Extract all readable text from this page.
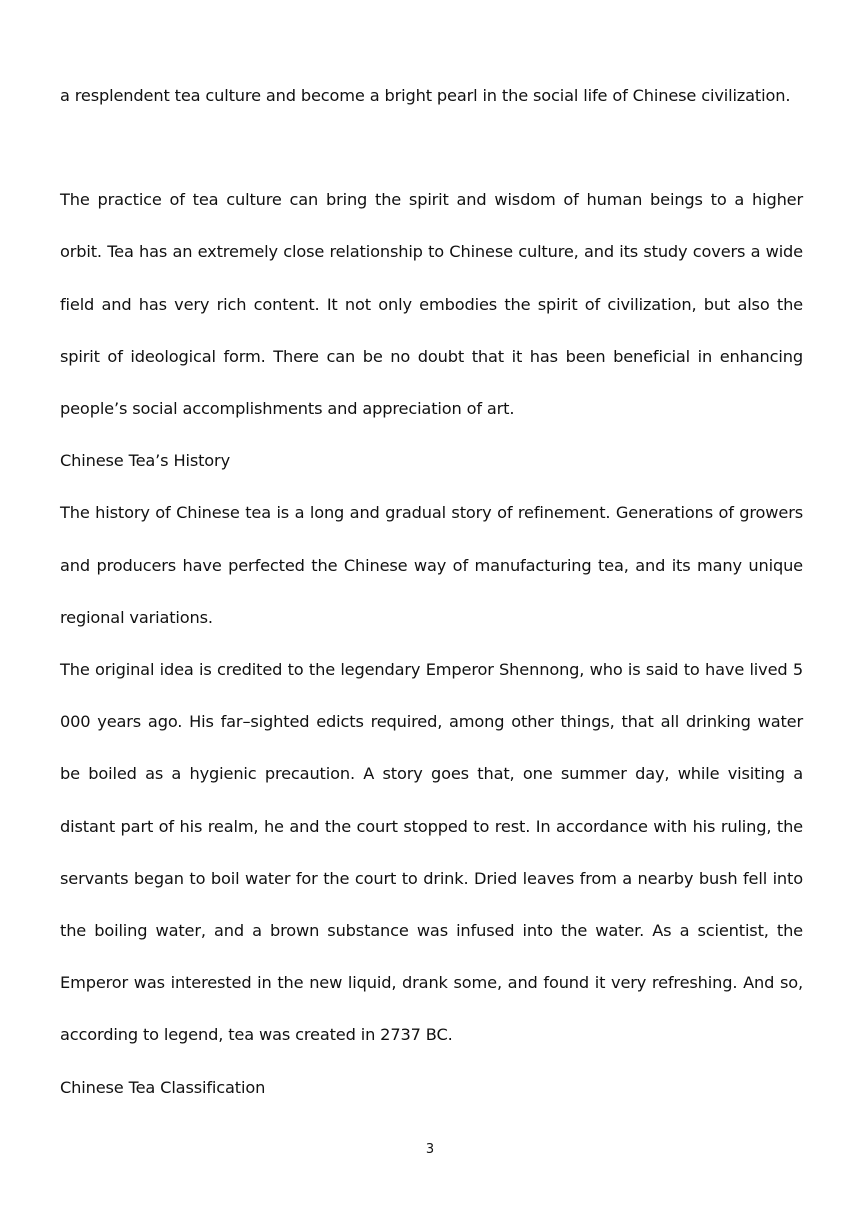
a resplendent tea culture and become a bright pearl in the social life of Chinese civilization.

The practice of tea culture can bring the spirit and wisdom of human beings to a higher orbit. Tea has an extremely close relationship to Chinese culture, and its study covers a wide field and has very rich content. It not only embodies the spirit of civilization, but also the spirit of ideological form. There can be no doubt that it has been beneficial in enhancing people’s social accomplishments and appreciation of art.

Chinese Tea’s History

The history of Chinese tea is a long and gradual story of refinement. Generations of growers and producers have perfected the Chinese way of manufacturing tea, and its many unique regional variations.

The original idea is credited to the legendary Emperor Shennong, who is said to have lived 5 000 years ago. His far–sighted edicts required, among other things, that all drinking water be boiled as a hygienic precaution. A story goes that, one summer day, while visiting a distant part of his realm, he and the court stopped to rest. In accordance with his ruling, the servants began to boil water for the court to drink. Dried leaves from a nearby bush fell into the boiling water, and a brown substance was infused into the water. As a scientist, the Emperor was interested in the new liquid, drank some, and found it very refreshing. And so, according to legend, tea was created in 2737 BC.

Chinese Tea Classification

3
